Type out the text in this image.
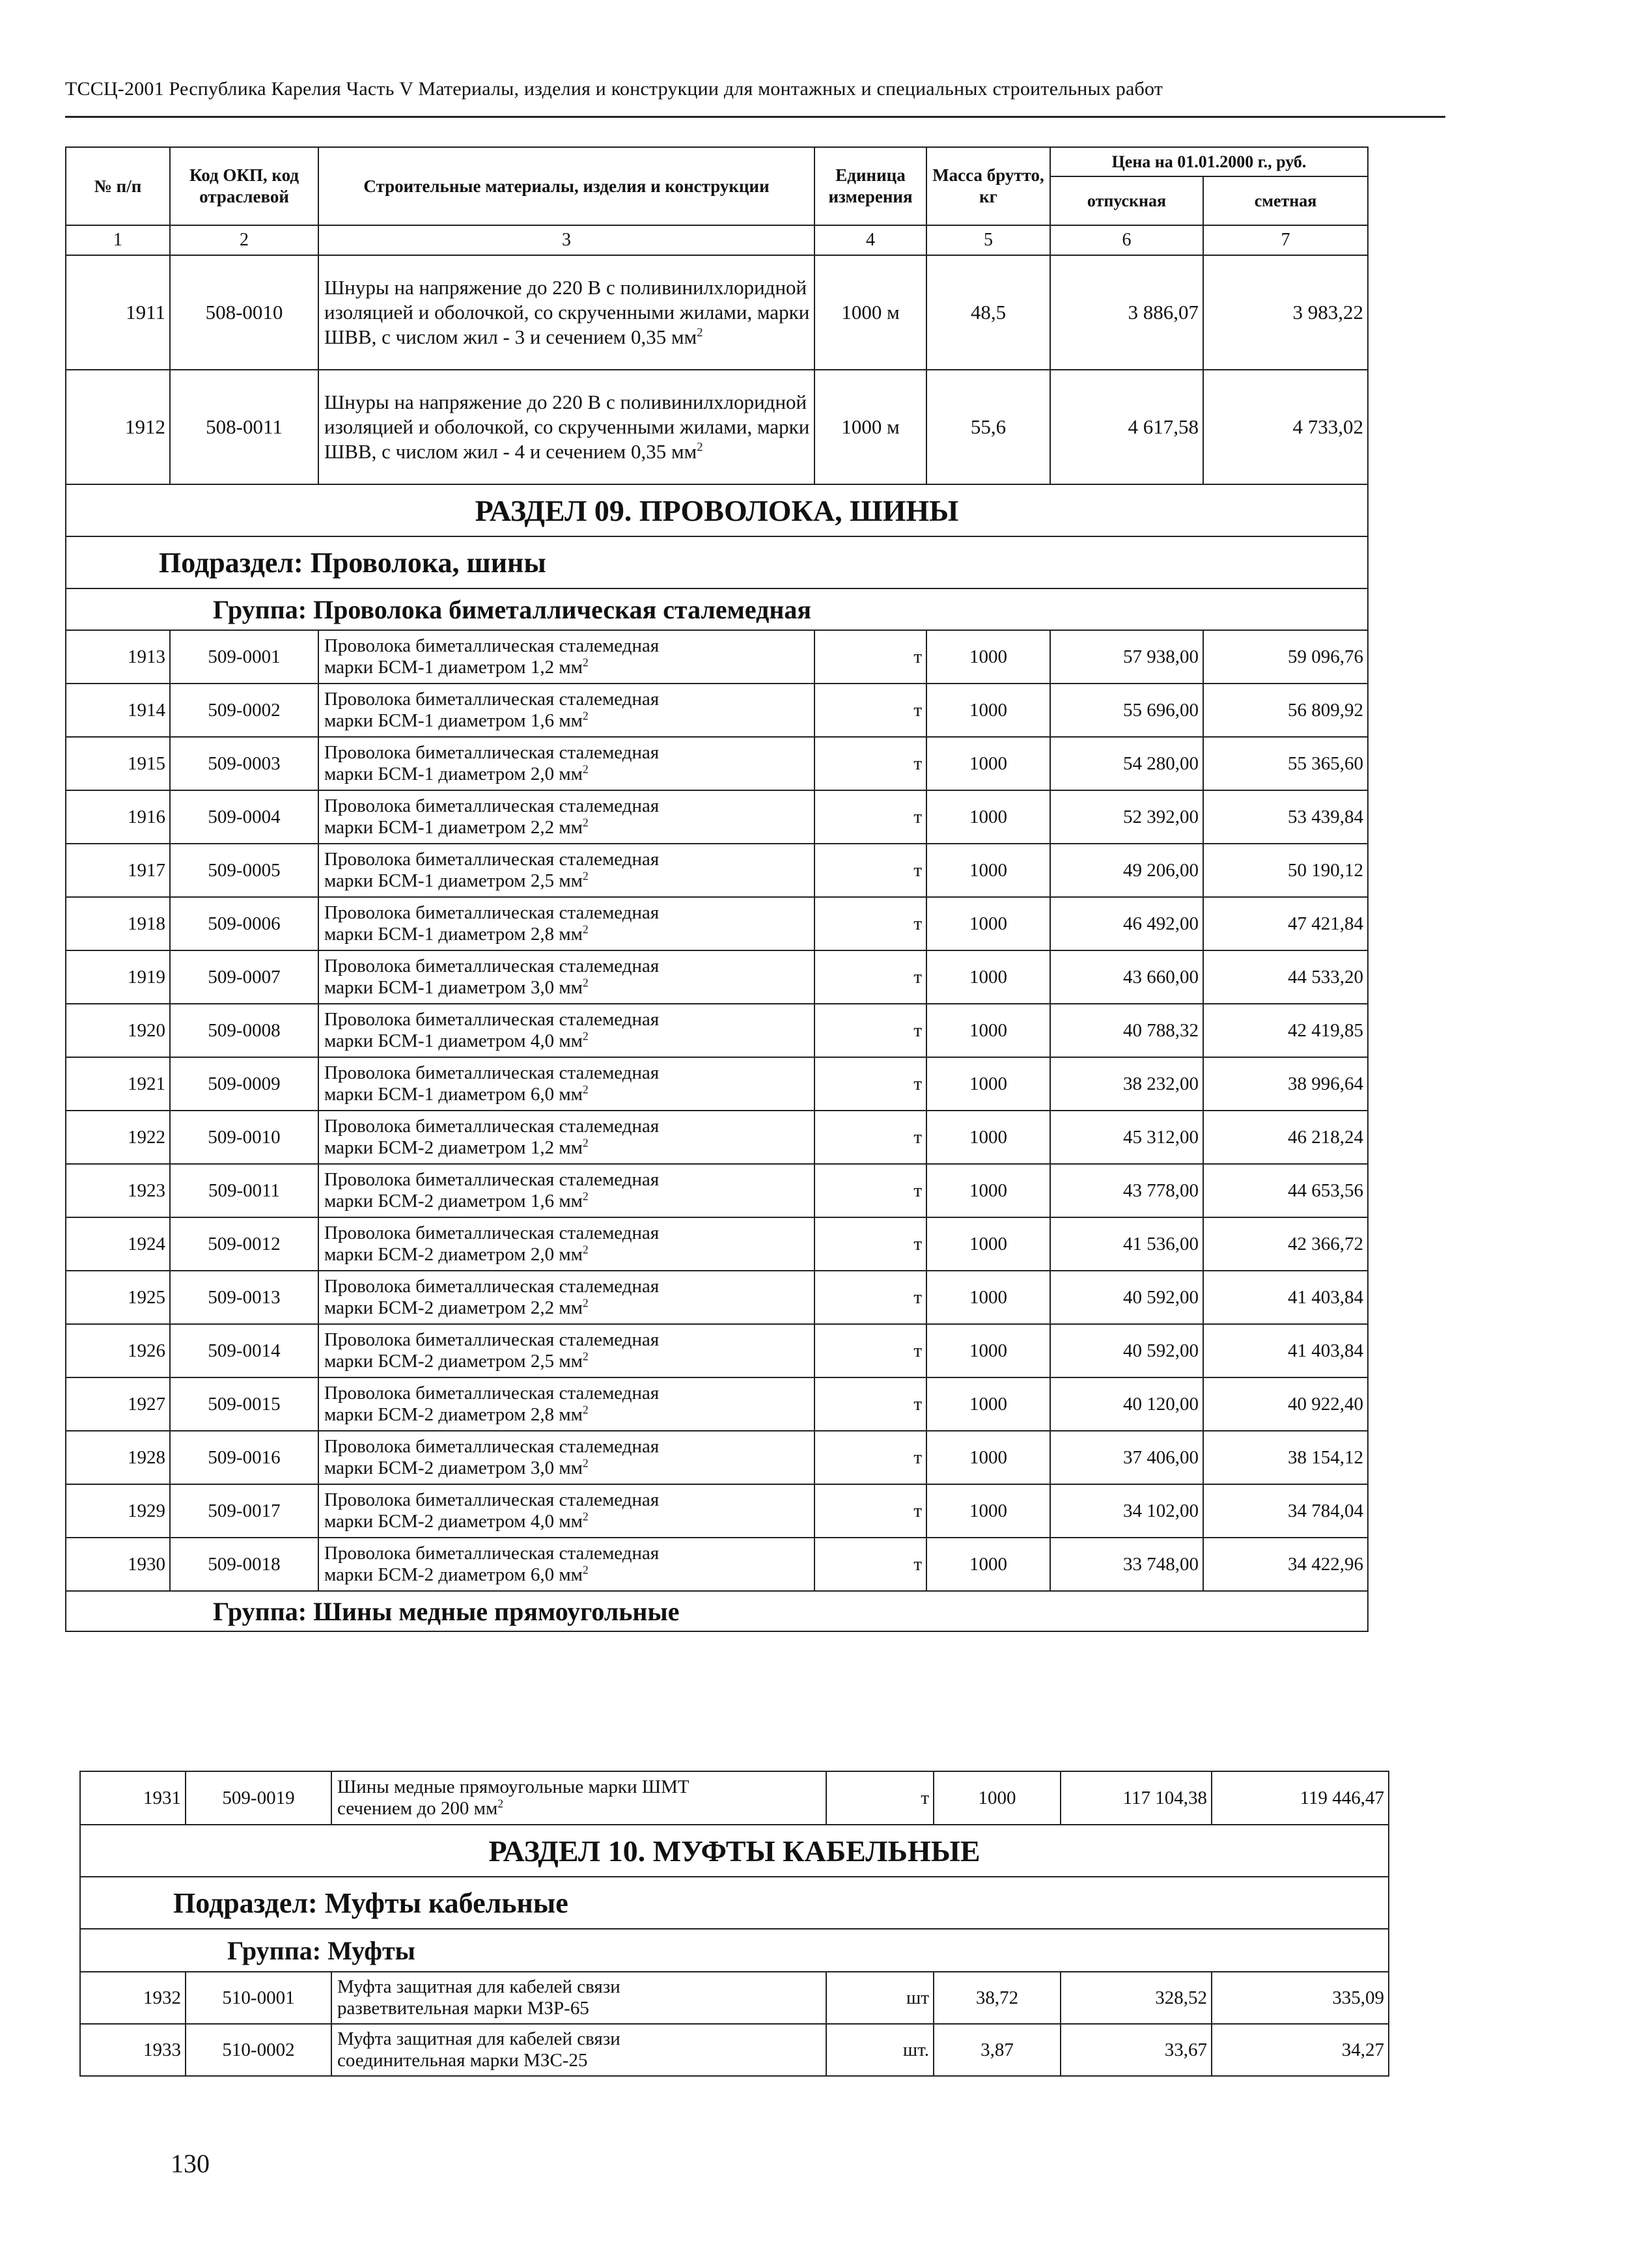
ТССЦ-2001 Республика Карелия Часть V Материалы, изделия и конструкции для монтажных и специальных строительных работ
№ п/п	Код ОКП, код отраслевой	Строительные материалы, изделия и конструкции	Единица измерения	Масса брутто, кг	Цена на 01.01.2000 г., руб.	
					отпускная	сметная
1	2	3	4	5	6	7
1911	508-0010	Шнуры на напряжение до 220 В с поливинилхлоридной изоляцией и оболочкой, со скрученными жилами, марки ШВВ, с числом жил - 3 и сечением 0,35 $мм^2$	1000 м	48,5	3 886,07	3 983,22
1912	508-0011	Шнуры на напряжение до 220 В с поливинилхлоридной изоляцией и оболочкой, со скрученными жилами, марки ШВВ, с числом жил - 4 и сечением 0,35 $мм^2$	1000 м	55,6	4 617,58	4 733,02
РАЗДЕЛ 09. ПРОВОЛОКА, ШИНЫ						
Подраздел: Проволока, шины						
Группа: Проволока биметаллическая сталемедная						
1913	509-0001	Проволока биметаллическая сталемедная
марки БСМ-1 диаметром 1,2 $мм^2$	т	1000	57 938,00	59 096,76
1914	509-0002	Проволока биметаллическая сталемедная
марки БСМ-1 диаметром 1,6 $мм^2$	т	1000	55 696,00	56 809,92
1915	509-0003	Проволока биметаллическая сталемедная
марки БСМ-1 диаметром 2,0 $мм^2$	т	1000	54 280,00	55 365,60
1916	509-0004	Проволока биметаллическая сталемедная
марки БСМ-1 диаметром 2,2 $мм^2$	т	1000	52 392,00	53 439,84
1917	509-0005	Проволока биметаллическая сталемедная
марки БСМ-1 диаметром 2,5 $мм^2$	т	1000	49 206,00	50 190,12
1918	509-0006	Проволока биметаллическая сталемедная
марки БСМ-1 диаметром 2,8 $мм^2$	т	1000	46 492,00	47 421,84
1919	509-0007	Проволока биметаллическая сталемедная
марки БСМ-1 диаметром 3,0 $мм^2$	т	1000	43 660,00	44 533,20
1920	509-0008	Проволока биметаллическая сталемедная
марки БСМ-1 диаметром 4,0 $мм^2$	т	1000	40 788,32	42 419,85
1921	509-0009	Проволока биметаллическая сталемедная
марки БСМ-1 диаметром 6,0 $мм^2$	т	1000	38 232,00	38 996,64
1922	509-0010	Проволока биметаллическая сталемедная
марки БСМ-2 диаметром 1,2 $мм^2$	т	1000	45 312,00	46 218,24
1923	509-0011	Проволока биметаллическая сталемедная
марки БСМ-2 диаметром 1,6 $мм^2$	т	1000	43 778,00	44 653,56
1924	509-0012	Проволока биметаллическая сталемедная
марки БСМ-2 диаметром 2,0 $мм^2$	т	1000	41 536,00	42 366,72
1925	509-0013	Проволока биметаллическая сталемедная
марки БСМ-2 диаметром 2,2 $мм^2$	т	1000	40 592,00	41 403,84
1926	509-0014	Проволока биметаллическая сталемедная
марки БСМ-2 диаметром 2,5 $мм^2$	т	1000	40 592,00	41 403,84
1927	509-0015	Проволока биметаллическая сталемедная
марки БСМ-2 диаметром 2,8 $мм^2$	т	1000	40 120,00	40 922,40
1928	509-0016	Проволока биметаллическая сталемедная
марки БСМ-2 диаметром 3,0 $мм^2$	т	1000	37 406,00	38 154,12
1929	509-0017	Проволока биметаллическая сталемедная
марки БСМ-2 диаметром 4,0 $мм^2$	т	1000	34 102,00	34 784,04
1930	509-0018	Проволока биметаллическая сталемедная
марки БСМ-2 диаметром 6,0 $мм^2$	т	1000	33 748,00	34 422,96
Группа: Шины медные прямоугольные						
1931	509-0019	Шины медные прямоугольные марки ШМТ
сечением до 200 $мм^2$	т	1000	117 104,38	119 446,47
РАЗДЕЛ 10. МУФТЫ КАБЕЛЬНЫЕ						
Подраздел: Муфты кабельные						
Группа: Муфты						
1932	510-0001	Муфта защитная для кабелей связи
разветвительная марки МЗР-65	шт	38,72	328,52	335,09
1933	510-0002	Муфта защитная для кабелей связи
соединительная марки МЗС-25	шт.	3,87	33,67	34,27
130
